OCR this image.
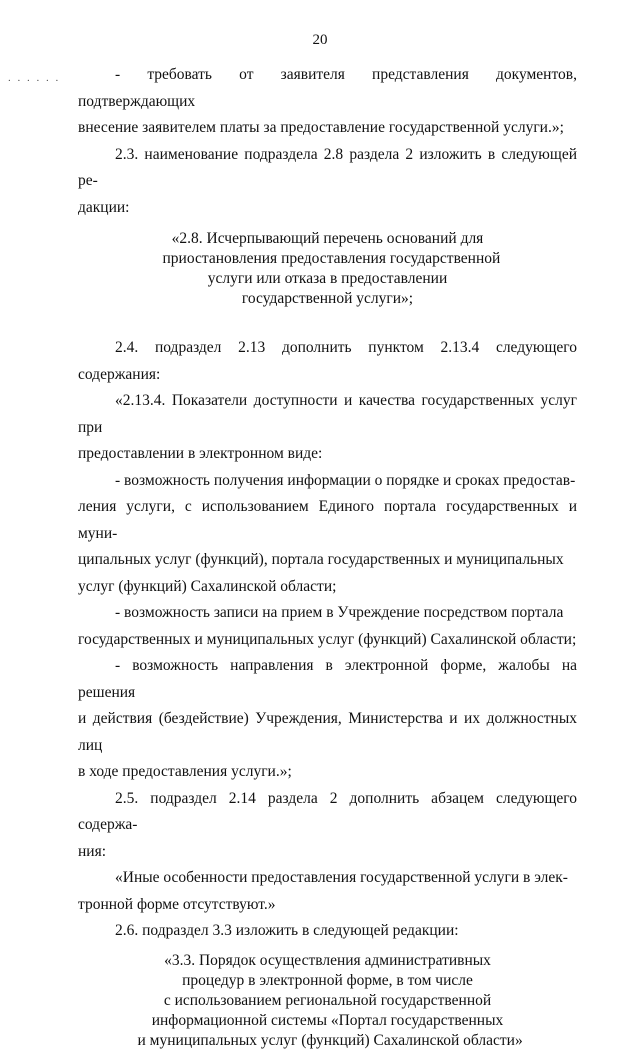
20
. . . . . .	- требовать от заявителя представления документов, подтверждающих

внесение заявителем платы за предоставление государственной услуги.»;

2.3. наименование подраздела 2.8 раздела 2 изложить в следующей ре-

дакции:

«2.8. Исчерпывающий перечень оснований для
приостановления предоставления государственной
услуги или отказа в предоставлении
государственной услуги»;

2.4. подраздел 2.13 дополнить пунктом 2.13.4 следующего содержания:

«2.13.4. Показатели доступности и качества государственных услуг при

предоставлении в электронном виде:

- возможность получения информации о порядке и сроках предостав-

ления услуги, с использованием Единого портала государственных и муни-

ципальных услуг (функций), портала государственных и муниципальных

услуг (функций) Сахалинской области;

- возможность записи на прием в Учреждение посредством портала

государственных и муниципальных услуг (функций) Сахалинской области;

- возможность направления в электронной форме, жалобы на решения

и действия (бездействие) Учреждения, Министерства и их должностных лиц

в ходе предоставления услуги.»;

2.5. подраздел 2.14 раздела 2 дополнить абзацем следующего содержа-

ния:

«Иные особенности предоставления государственной услуги в элек-

тронной форме отсутствуют.»

2.6. подраздел 3.3 изложить в следующей редакции:

«3.3. Порядок осуществления административных
процедур в электронной форме, в том числе
с использованием региональной государственной
информационной системы «Портал государственных
и муниципальных услуг (функций) Сахалинской области»
